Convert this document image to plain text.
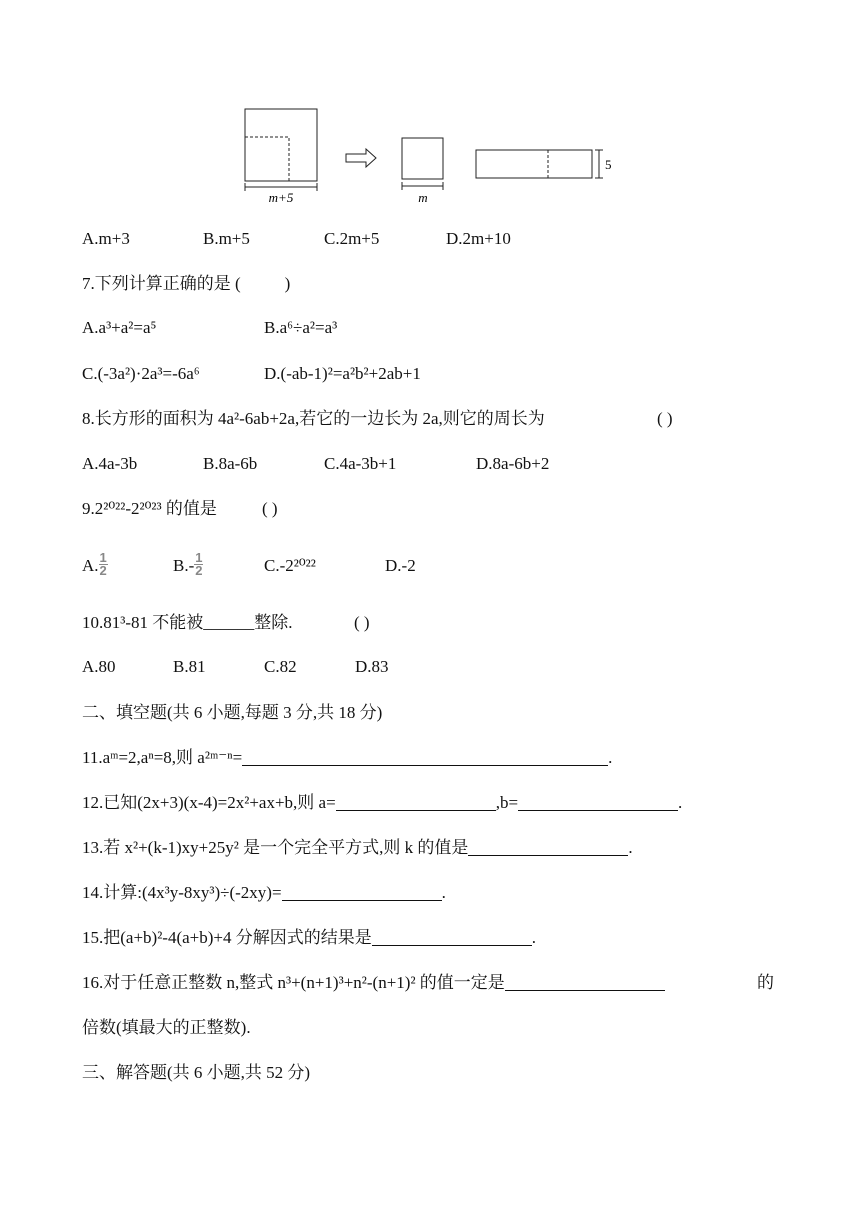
m+5	m
5
A.m+3	B.m+5	C.2m+5	D.2m+10
7.下列计算正确的是 (	)
A.a³+a²=a⁵	B.a⁶÷a²=a³
C.(-3a²)·2a³=-6a⁶	D.(-ab-1)²=a²b²+2ab+1
8.长方形的面积为 4a²-6ab+2a,若它的一边长为 2a,则它的周长为	( )
A.4a-3b	B.8a-6b	C.4a-3b+1	D.8a-6b+2
9.2²⁰²²-2²⁰²³ 的值是	( )
A. $\frac{1}{2}$	$B.- \frac{1}{2}$	C.-2²⁰²²	D.-2
10.81³-81 不能被______整除.	( )
A.80	B.81	C.82	D.83
二、填空题(共 6 小题,每题 3 分,共 18 分)
11.aᵐ=2,aⁿ=8,则 a²ᵐ⁻ⁿ=	.
12.已知(2x+3)(x-4)=2x²+ax+b,则 a=	,b=	.
13.若 x²+(k-1)xy+25y² 是一个完全平方式,则 k 的值是	.
14.计算:(4x³y-8xy³)÷(-2xy)=	.
15.把(a+b)²-4(a+b)+4 分解因式的结果是	.
16.对于任意正整数 n,整式 n³+(n+1)³+n²-(n+1)² 的值一定是	的
倍数(填最大的正整数).
三、解答题(共 6 小题,共 52 分)
